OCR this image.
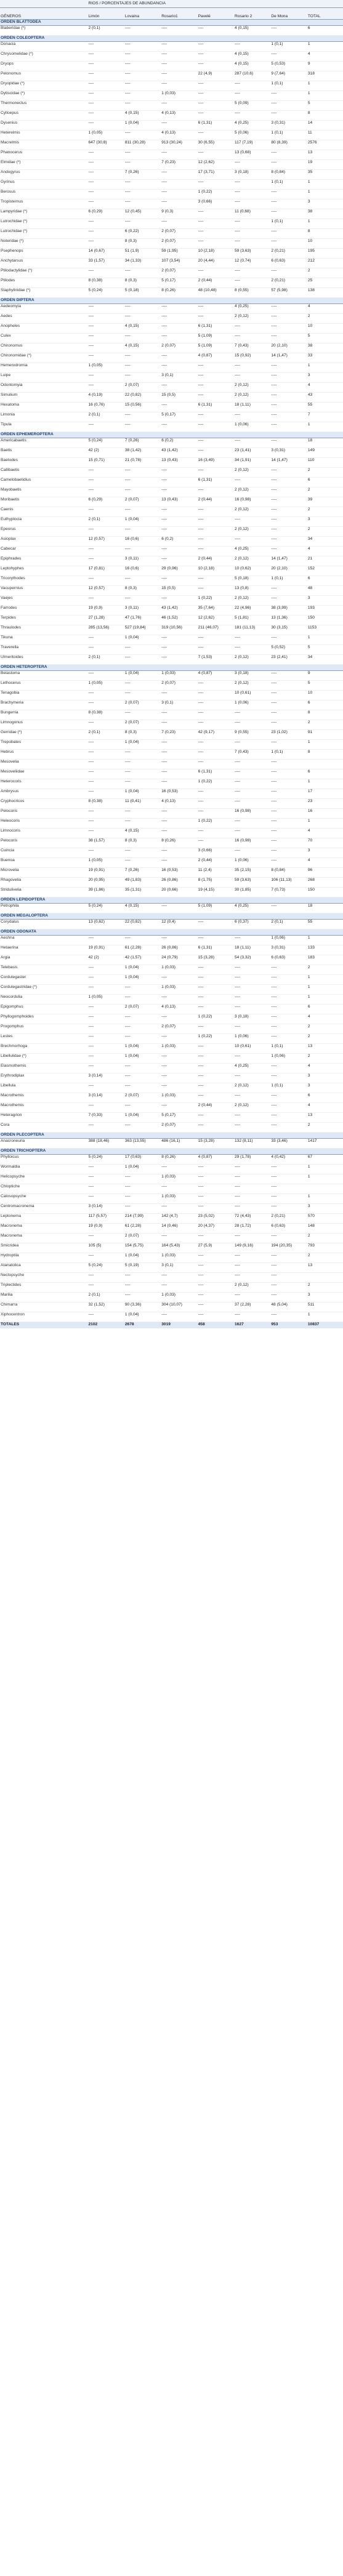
	RIOS / PORCENTAJES DE ABUNDANCIA						
GÉNEROS	Limón	Lovaina	Rosario1	Pavelé	Rosario 2	De Mona	TOTAL
ORDEN BLATTODEA							
Blaberidae (*)	2 (0,1)	----	----	----	4 (0,15)	----	6
ORDEN COLEOPTERA							
Donacia	----	----	----	----	----	1 (0,1)	1
Chrysomelidae (*)	----	----	----	----	4 (0,15)	----	4
Dryops	----	----	----	----	4 (0,15)	5 (0,53)	9
Pelonomus	----	----	----	22 (4,9)	287 (10,6)	9 (7,64)	318
Dryopidae (*)	----	----	----	----	----	1 (0,1)	1
Dytiscidae (*)	----	----	1 (0,03)	----	----	----	1
Thermonectus	----	----	----	----	5 (0,09)	----	5
Cylloepus	----	4 (0,15)	4 (0,13)	----	----	----	8
Dysenius	----	1 (0,04)	----	6 (1,31)	4 (0,25)	3 (0,31)	14
Heterelmis	1 (0,05)	----	4 (0,13)	----	5 (0,06)	1 (0,1)	11
Macrelmis	647 (30,8)	811 (30,28)	913 (30,24)	30 (6,55)	117 (7,19)	80 (8,39)	2576
Phanocerus	----	----	----	----	13 (0,68)	----	13
Elmidae (*)	----	----	7 (0,23)	12 (2,62)	----	----	19
Andogyrus	----	7 (0,26)	----	17 (3,71)	3 (0,18)	8 (0,84)	35
Gyrinus	----	----	----	----	----	1 (0,1)	1
Berosus	----	----	----	1 (0,22)	----	----	1
Tropisternus	----	----	----	3 (0,66)	----	----	3
Lampyridae (*)	6 (0,29)	12 (0,45)	9 (0,3)	----	11 (0,68)	----	38
Lutrochidae (*)	----	----	----	----	----	1 (0,1)	1
Lutrochidae (*)	----	6 (0,22)	2 (0,07)	----	----	----	8
Noteridae (*)	----	8 (0,3)	2 (0,07)	----	----	----	10
Psephenops	14 (0,67)	51 (1,9)	59 (1,95)	10 (2,18)	59 (3,63)	2 (0,21)	195
Anchytarsus	33 (1,57)	34 (1,33)	107 (3,54)	20 (4,44)	12 (0,74)	6 (0,63)	212
Ptilodactylidae (*)	----	----	2 (0,07)	----	----	----	2
Ptilodes	8 (0,38)	8 (0,3)	5 (0,17)	2 (0,44)	----	2 (0,21)	25
Staphylinidae (*)	5 (0,24)	5 (0,18)	8 (0,26)	48 (10,48)	8 (0,55)	57 (5,98)	138
ORDEN DIPTERA							
Aedeomyia	----	----	----	----	4 (0,25)	----	4
Aedes	----	----	----	----	2 (0,12)	----	2
Anopheles	----	4 (0,15)	----	6 (1,31)	----	----	10
Culex	----	----	----	5 (1,09)	----	----	5
Chironomus	----	4 (0,15)	2 (0,07)	5 (1,09)	7 (0,43)	20 (2,10)	38
Chironomidae (*)	----	----	----	4 (0,87)	15 (0,92)	14 (1,47)	33
Hemerodromia	1 (0,05)	----	----	----	----	----	1
Luipe	----	----	3 (0,1)	----	----	----	3
Odontomyia	----	2 (0,07)	----	----	2 (0,12)	----	4
Simulium	4 (0,19)	22 (0,82)	15 (0,5)	----	2 (0,12)	----	43
Hexatoma	16 (0,76)	15 (0,56)	----	6 (1,31)	18 (1,11)	----	55
Limonia	2 (0,1)	----	5 (0,17)	----	----	----	7
Tipula	----	----	----	----	1 (0,06)	----	1
ORDEN EPHEMEROPTERA							
Americabaetis	5 (0,24)	7 (0,26)	6 (0,2)	----	----	----	18
Baetis	42 (2)	38 (1,42)	43 (1,42)	----	23 (1,41)	3 (0,31)	149
Baetodes	15 (0,71)	21 (0,78)	13 (0,43)	16 (3,49)	34 (1,91)	14 (1,47)	110
Callibaetis	----	----	----	----	2 (0,12)	----	2
Camelobaetidius	----	----	----	6 (1,31)	----	----	6
Mayobaetis	----	----	----	----	2 (0,12)	----	2
Moribaetis	6 (0,29)	2 (0,07)	13 (0,43)	2 (0,44)	16 (0,98)	----	39
Caenis	----	----	----	----	2 (0,12)	----	2
Euthyplocia	2 (0,1)	1 (0,04)	----	----	----	----	3
Epeorus	----	----	----	----	2 (0,12)	----	2
Asioplax	12 (0,57)	16 (0,6)	6 (0,2)	----	----	----	34
Cabecar	----	----	----	----	4 (0,25)	----	4
Epiphrades	----	3 (0,11)	----	2 (0,44)	2 (0,12)	14 (1,47)	21
Leptohyphes	17 (0,81)	16 (0,6)	29 (0,96)	10 (2,18)	10 (0,62)	20 (2,10)	152
Tricorythodes	----	----	----	----	5 (0,18)	1 (0,1)	6
Vacupernius	12 (0,57)	8 (0,3)	15 (0,5)	----	13 (0,8)	----	48
Vaejes	----	----	----	1 (0,22)	2 (0,12)	----	3
Farrodes	19 (0,9)	3 (0,11)	43 (1,42)	35 (7,64)	22 (4,96)	38 (3,99)	193
Terpides	27 (1,28)	47 (1,76)	46 (1,52)	12 (2,62)	5 (1,81)	13 (1,36)	150
Thraulodes	285 (13,56)	527 (19,84)	319 (10,56)	211 (46,07)	181 (11,13)	30 (3,15)	1153
Tikuna	----	1 (0,04)	----	----	----	----	1
Traverella	----	----	----	----	----	5 (0,52)	5
Ulmeritoides	2 (0,1)	----	----	7 (1,53)	2 (0,12)	23 (2,41)	34
ORDEN HETEROPTERA							
Belastoma	----	1 (0,04)	1 (0,03)	4 (0,87)	3 (0,18)	----	9
Lethocerus	1 (0,05)	----	2 (0,07)	----	2 (0,12)	----	5
Tenagobia	----	----	----	----	10 (0,61)	----	10
Brachymeria	----	2 (0,07)	3 (0,1)	----	1 (0,06)	----	6
Bungerria	8 (0,38)	----	----	----	----	----	8
Limnogonus	----	2 (0,07)	----	----	----	----	2
Gerridae (*)	2 (0,1)	8 (0,3)	7 (0,23)	42 (9,17)	9 (0,55)	23 (1,02)	91
Trepobates	----	1 (0,04)	----	----	----	----	1
Hebrus	----	----	----	----	7 (0,43)	1 (0,1)	8
Mesovelia	----	----	----	----	----	----	
Mesoveliidae	----	----	----	6 (1,31)	----	----	6
Heterocoris	----	----	----	1 (0,22)	----	----	1
Ambrysus	----	1 (0,04)	16 (0,53)	----	----	----	17
Cryphocricos	8 (0,38)	11 (0,41)	4 (0,13)	----	----	----	23
Pelocoris	----	----	----	----	16 (0,98)	----	16
Heleocoris	----	----	----	1 (0,22)	----	----	1
Limnocoris	----	4 (0,15)	----	----	----	----	4
Pelocoris	38 (1,57)	8 (0,3)	8 (0,26)	----	16 (0,98)	----	70
Cuincia	----	----	----	3 (0,66)	----	----	3
Buenoa	1 (0,05)	----	----	2 (0,44)	1 (0,06)	----	4
Microvelia	19 (0,91)	7 (0,26)	16 (0,53)	11 (2,4)	35 (2,15)	8 (0,84)	96
Rhagovelia	20 (0,95)	49 (1,83)	26 (0,86)	8 (1,75)	59 (3,63)	106 (11,13)	268
Stridulivelia	39 (1,86)	35 (1,31)	20 (0,66)	19 (4,15)	30 (1,85)	7 (0,73)	150
ORDEN LEPIDOPTERA							
Petrophila	5 (0,24)	4 (0,15)	----	5 (1,09)	4 (0,25)	----	18
ORDEN MEGALOPTERA							
Corydalus	13 (0,62)	22 (0,82)	12 (0,4)	----	6 (0,37)	2 (0,1)	55
ORDEN ODONATA							
Aeshna	----	----	----	----	----	1 (0,06)	1
Hetaerina	19 (0,91)	61 (2,28)	26 (0,86)	6 (1,31)	18 (1,11)	3 (0,31)	133
Argia	42 (2)	42 (1,57)	24 (0,79)	15 (3,28)	54 (3,32)	6 (0,63)	183
Telebasis	----	1 (0,04)	1 (0,03)	----	----	----	2
Cordulegaster	----	1 (0,04)	----	----	----	----	1
Cordulegastridae (*)	----	----	1 (0,03)	----	----	----	1
Neocordulia	1 (0,05)	----	----	----	----	----	1
Epigomphus	----	2 (0,07)	4 (0,13)	----	----	----	6
Phyllogomphoides	----	----	----	1 (0,22)	3 (0,18)	----	4
Progomphus	----	----	2 (0,07)	----	----	----	2
Lestes	----	----	----	1 (0,22)	1 (0,06)	----	2
Brechmorhoga	----	1 (0,04)	1 (0,03)	----	10 (0,61)	1 (0,1)	13
Libellulidae (*)	----	1 (0,04)	----	----	----	1 (0,06)	2
Elasmothemis	----	----	----	----	4 (0,25)	----	4
Erythrodiplax	3 (0,14)	----	----	----	----	----	3
Libellula	----	----	----	----	2 (0,12)	1 (0,1)	3
Macrothemis	3 (0,14)	2 (0,07)	1 (0,03)	----	----	----	6
Macrothemis	----	----	----	2 (0,44)	2 (0,12)	----	4
Heteragrion	7 (0,33)	1 (0,04)	5 (0,17)	----	----	----	13
Cora	----	----	2 (0,07)	----	----	----	2
ORDEN PLECOPTERA							
Anacroneuria	388 (18,46)	363 (13,55)	486 (16,1)	15 (3,28)	132 (8,11)	33 (3,46)	1417
ORDEN TRICHOPTERA							
Phylloicus	5 (0,24)	17 (0,63)	8 (0,26)	4 (0,87)	29 (1,78)	4 (0,42)	67
Wormaldia	----	1 (0,04)	----	----	----	----	1
Helicopsyche	----	----	1 (0,03)	----	----	----	1
Chloptiche	----	----	----	----	----	----	
Calosopsyche	----	----	1 (0,03)	----	----	----	1
Centromacronema	3 (0,14)	----	----	----	----	----	3
Leptonema	117 (5,57)	214 (7,99)	142 (4,7)	23 (5,02)	72 (4,43)	2 (0,21)	570
Macronema	19 (0,9)	61 (2,28)	14 (0,46)	20 (4,37)	28 (1,72)	6 (0,63)	148
Macronema	----	2 (0,07)	----	----	----	----	2
Smicridea	105 (5)	154 (5,75)	164 (5,43)	27 (5,9)	149 (9,16)	194 (20,35)	793
Hydroptila	----	1 (0,04)	1 (0,03)	----	----	----	2
Atanatolica	5 (0,24)	5 (0,19)	3 (0,1)	----	----	----	13
Nectopsyche	----	----	----	----	----	----	
Triplectides	----	----	----	----	2 (0,12)	----	2
Marilia	2 (0,1)	----	1 (0,03)	----	----	----	3
Chimarra	32 (1,52)	90 (3,36)	304 (10,07)	----	37 (2,28)	48 (5,04)	511
Xiphocentron	----	1 (0,04)	----	----	----	----	1
TOTALES	2102	2678	3019	458	1627	953	10837
